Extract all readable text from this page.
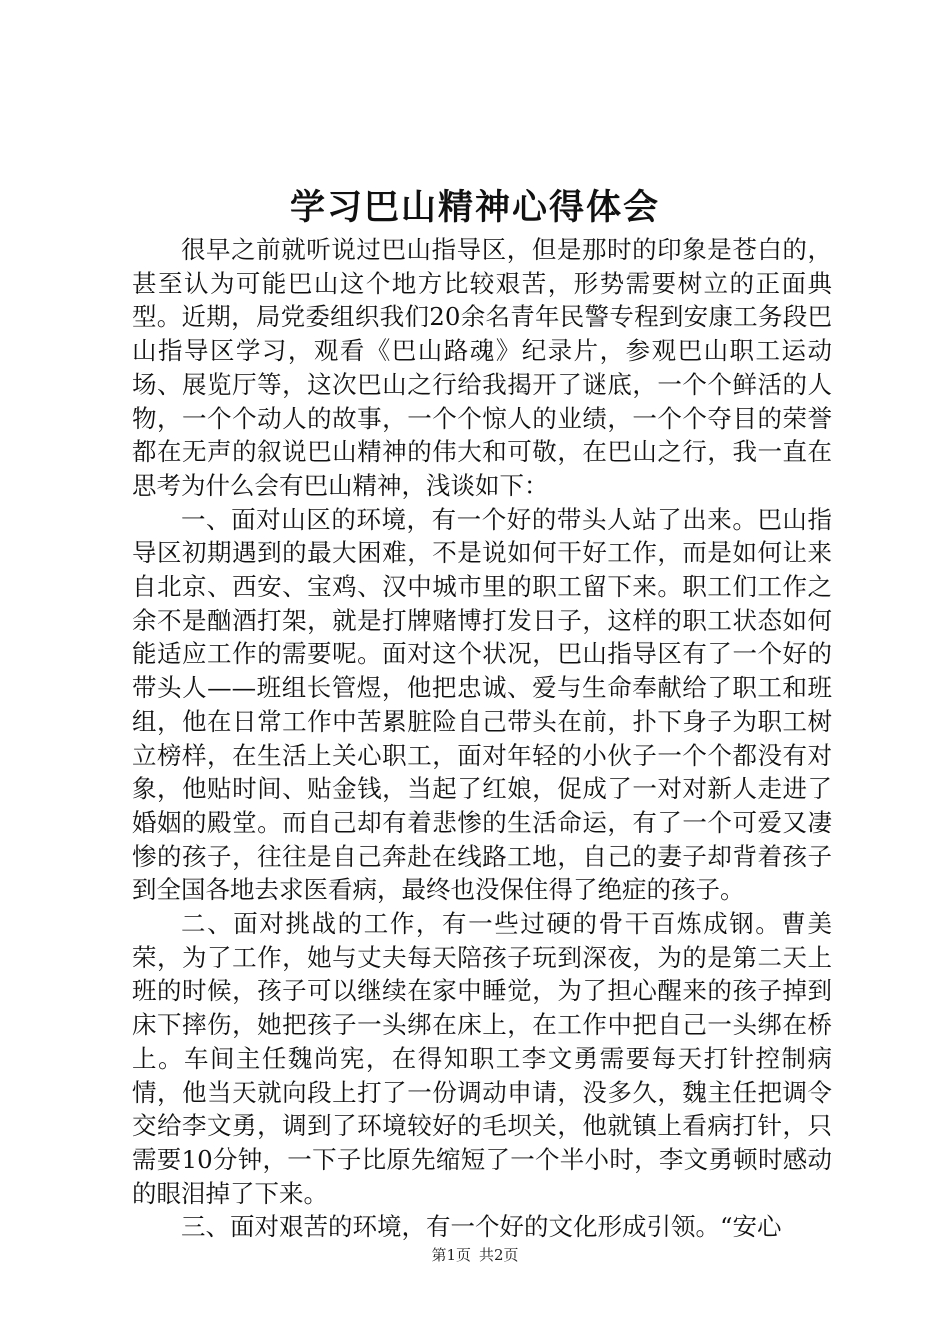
学习巴山精神心得体会

很早之前就听说过巴山指导区，但是那时的印象是苍白的，甚至认为可能巴山这个地方比较艰苦，形势需要树立的正面典型。近期，局党委组织我们20余名青年民警专程到安康工务段巴山指导区学习，观看《巴山路魂》纪录片，参观巴山职工运动场、展览厅等，这次巴山之行给我揭开了谜底，一个个鲜活的人物，一个个动人的故事，一个个惊人的业绩，一个个夺目的荣誉都在无声的叙说巴山精神的伟大和可敬，在巴山之行，我一直在思考为什么会有巴山精神，浅谈如下：

一、面对山区的环境，有一个好的带头人站了出来。巴山指导区初期遇到的最大困难，不是说如何干好工作，而是如何让来自北京、西安、宝鸡、汉中城市里的职工留下来。职工们工作之余不是酗酒打架，就是打牌赌博打发日子，这样的职工状态如何能适应工作的需要呢。面对这个状况，巴山指导区有了一个好的带头人——班组长管煜，他把忠诚、爱与生命奉献给了职工和班组，他在日常工作中苦累脏险自己带头在前，扑下身子为职工树立榜样，在生活上关心职工，面对年轻的小伙子一个个都没有对象，他贴时间、贴金钱，当起了红娘，促成了一对对新人走进了婚姻的殿堂。而自己却有着悲惨的生活命运，有了一个可爱又凄惨的孩子，往往是自己奔赴在线路工地，自己的妻子却背着孩子到全国各地去求医看病，最终也没保住得了绝症的孩子。

二、面对挑战的工作，有一些过硬的骨干百炼成钢。曹美荣，为了工作，她与丈夫每天陪孩子玩到深夜，为的是第二天上班的时候，孩子可以继续在家中睡觉，为了担心醒来的孩子掉到床下摔伤，她把孩子一头绑在床上，在工作中把自己一头绑在桥上。车间主任魏尚宪，在得知职工李文勇需要每天打针控制病情，他当天就向段上打了一份调动申请，没多久，魏主任把调令交给李文勇，调到了环境较好的毛坝关，他就镇上看病打针，只需要10分钟，一下子比原先缩短了一个半小时，李文勇顿时感动的眼泪掉了下来。

三、面对艰苦的环境，有一个好的文化形成引领。“安心

第1页 共2页
